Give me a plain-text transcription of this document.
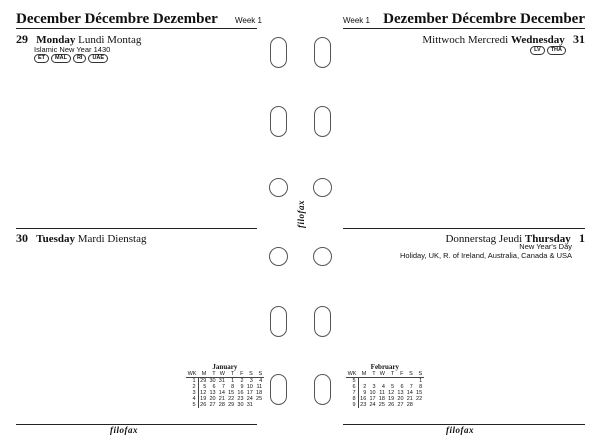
December Décembre Dezember Week 1
29 Monday Lundi Montag
Islamic New Year 1430
ET	MAL	RI	UAE
30 Tuesday Mardi Dienstag
January
WK	M	T	W	T	F	S	S
1	29	30	31	1	2	3	4
2	5	6	7	8	9	10	11
3	12	13	14	15	16	17	18
4	19	20	21	22	23	24	25
5	26	27	28	29	30	31	
filofax
filofax
Week 1 Dezember Décembre December
Mittwoch Mercredi Wednesday 31
LV	THA
Donnerstag Jeudi Thursday 1
New Year's Day
Holiday, UK, R. of Ireland, Australia, Canada & USA
February
WK	M	T	W	T	F	S	S
5							1
6	2	3	4	5	6	7	8
7	9	10	11	12	13	14	15
8	16	17	18	19	20	21	22
9	23	24	25	26	27	28	
filofax
